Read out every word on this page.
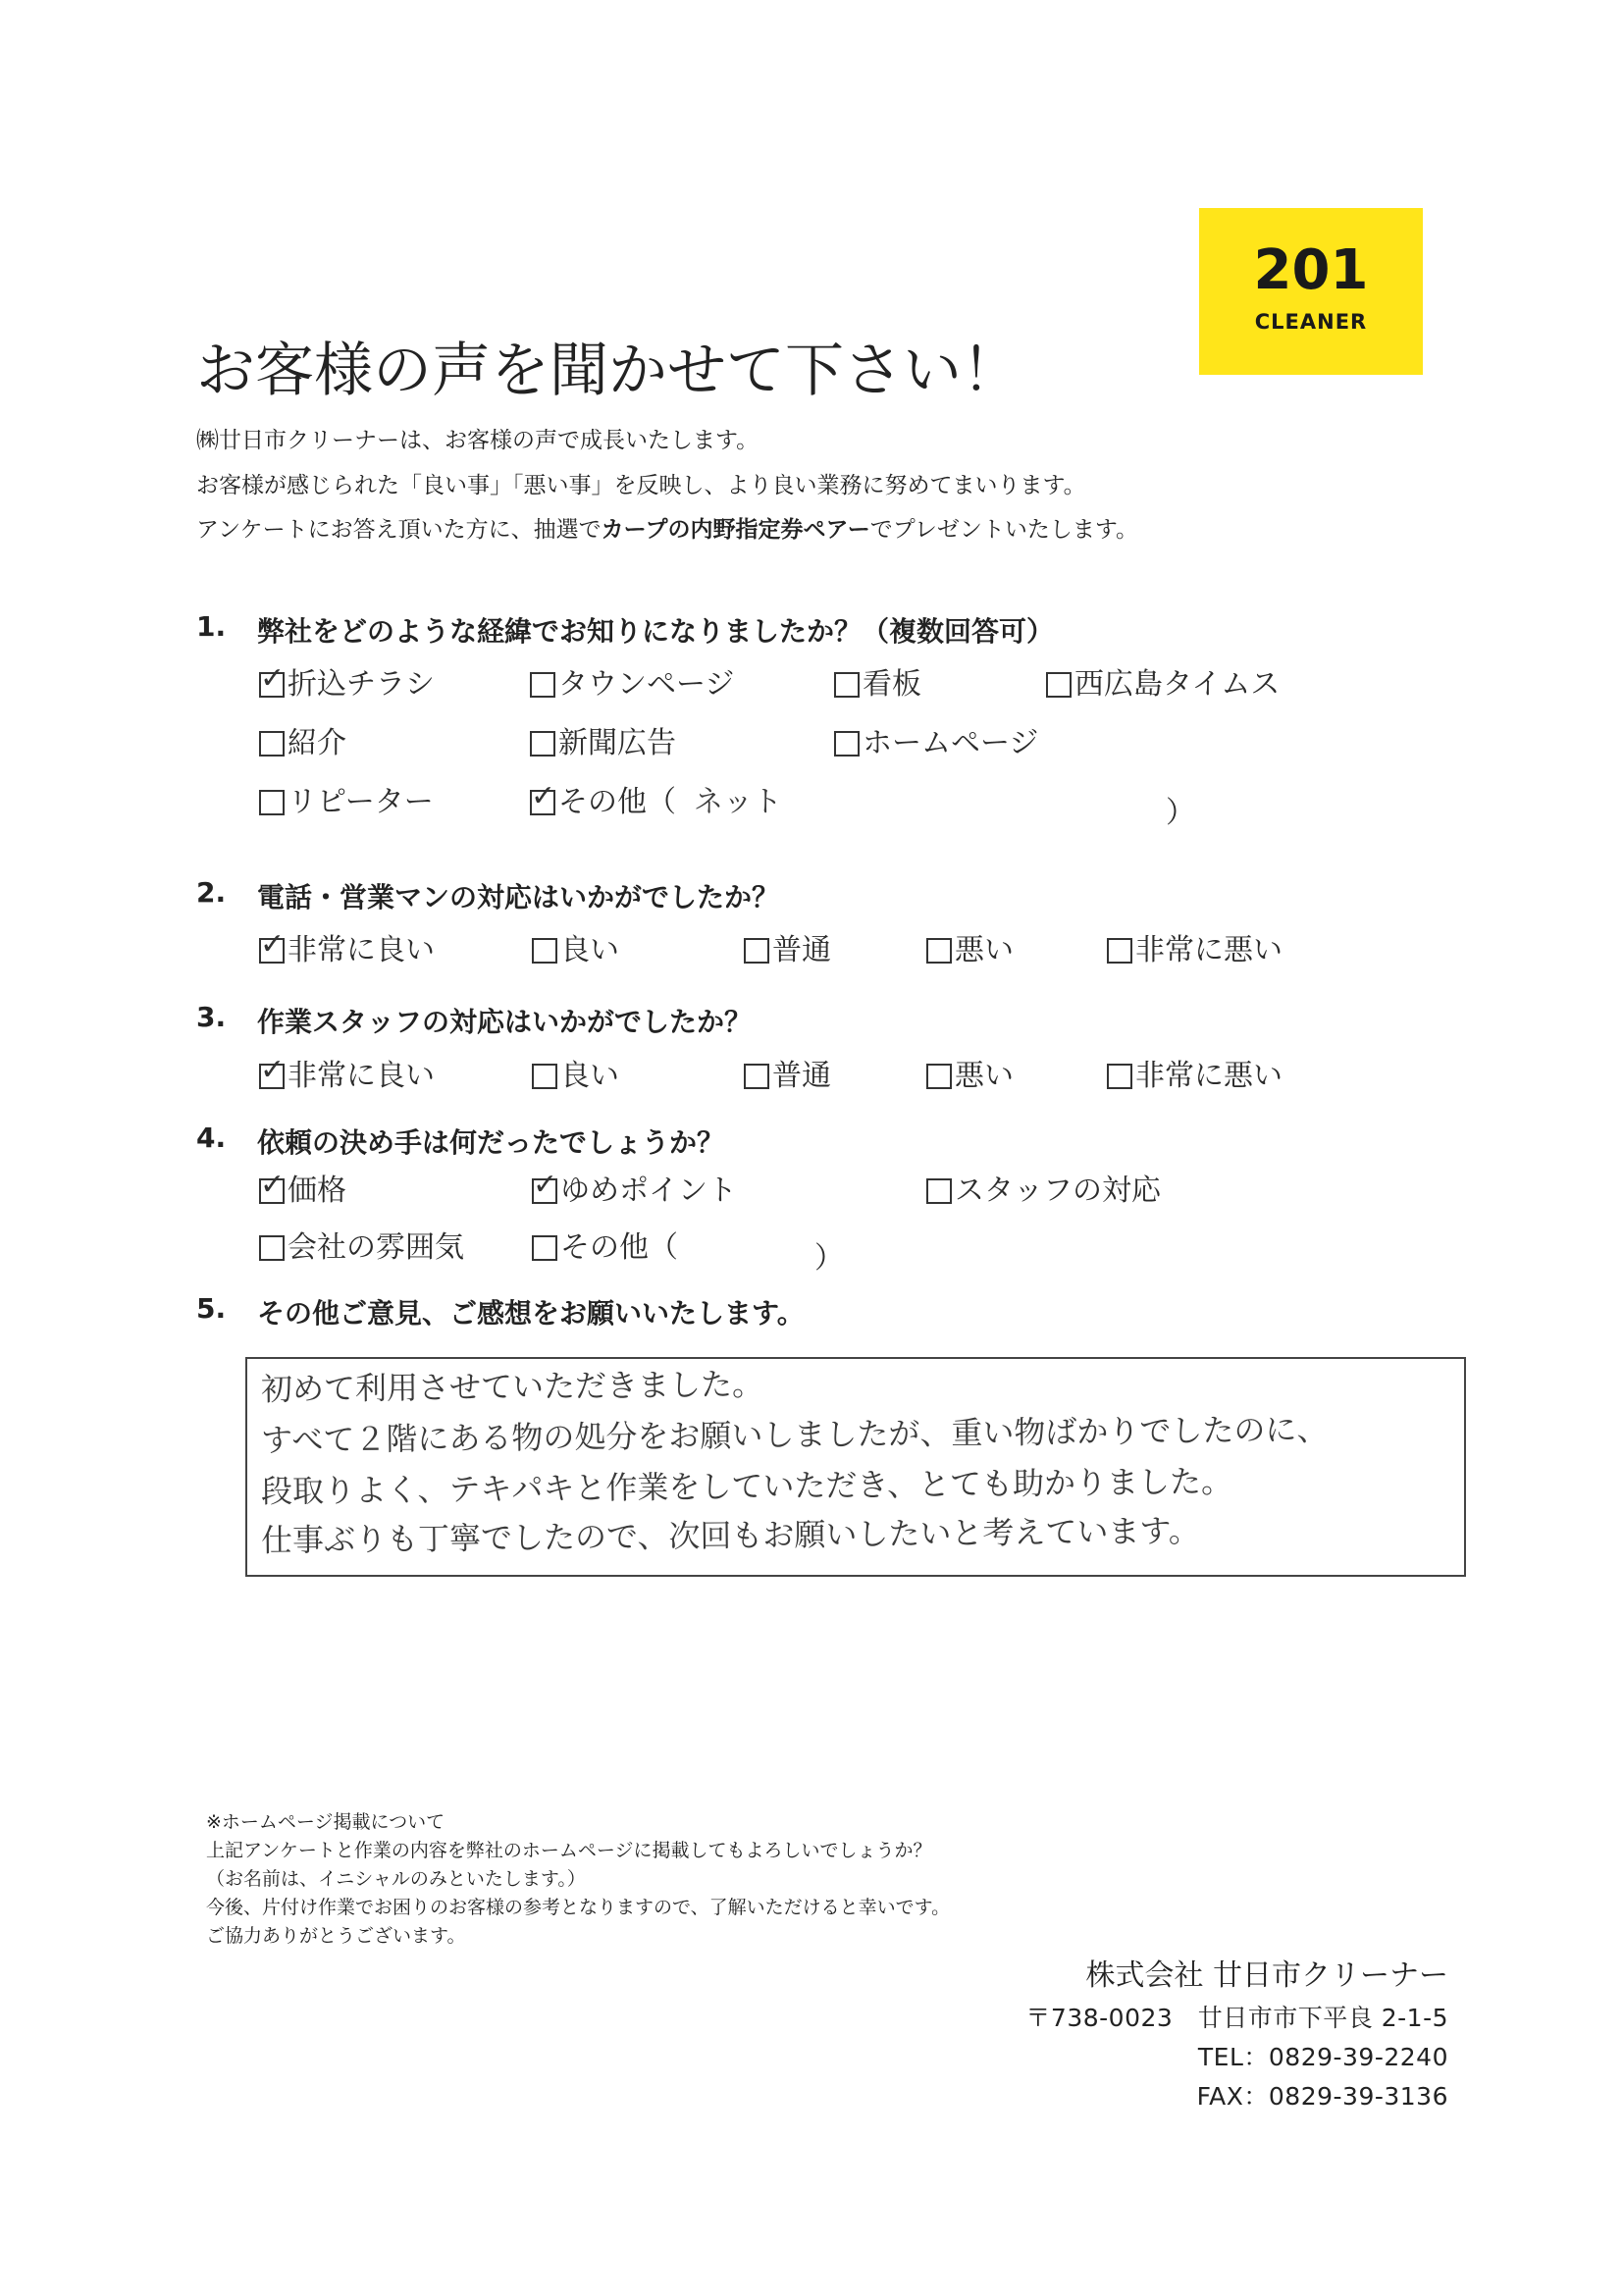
201
CLEANER
お客様の声を聞かせて下さい！
㈱廿日市クリーナーは、お客様の声で成長いたします。
お客様が感じられた「良い事」「悪い事」を反映し、より良い業務に努めてまいります。
アンケートにお答え頂いた方に、抽選でカープの内野指定券ペアーでプレゼントいたします。
1. 弊社をどのような経緯でお知りになりましたか？（複数回答可）
✓
折込チラシ	タウンページ	看板	西広島タイムス
紹介	新聞広告	ホームページ
リピーター ✓	その他（ ネット	）
2. 電話・営業マンの対応はいかがでしたか？
✓
非常に良い	良い	普通	悪い	非常に悪い
3. 作業スタッフの対応はいかがでしたか？
✓
非常に良い	良い	普通	悪い	非常に悪い
4. 依頼の決め手は何だったでしょうか？
✓
価格 ✓	ゆめポイント	スタッフの対応
会社の雰囲気	その他（	）
5. その他ご意見、ご感想をお願いいたします。
初めて利用させていただきました。
すべて２階にある物の処分をお願いしましたが、重い物ばかりでしたのに、
段取りよく、テキパキと作業をしていただき、とても助かりました。
仕事ぶりも丁寧でしたので、次回もお願いしたいと考えています。
※ホームページ掲載について
上記アンケートと作業の内容を弊社のホームページに掲載してもよろしいでしょうか？
（お名前は、イニシャルのみといたします。）
今後、片付け作業でお困りのお客様の参考となりますので、了解いただけると幸いです。
ご協力ありがとうございます。
株式会社 廿日市クリーナー
〒738-0023　廿日市市下平良 2-1-5
TEL：0829-39-2240
FAX：0829-39-3136
